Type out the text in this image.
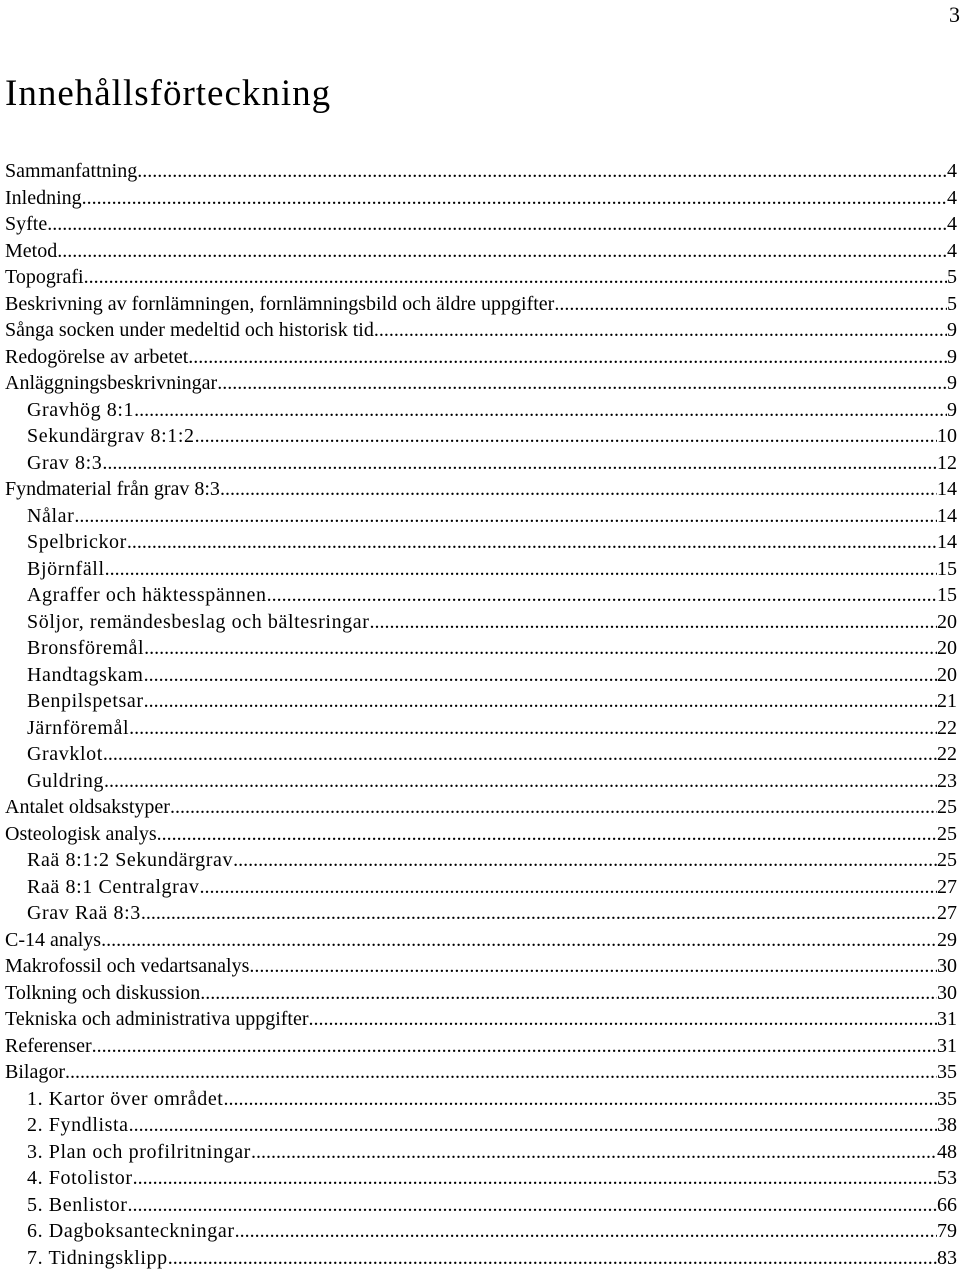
3
Innehållsförteckning
Sammanfattning .....	4
Inledning .....	4
Syfte .....	4
Metod .....	4
Topografi .....	5
Beskrivning av fornlämningen, fornlämningsbild och äldre uppgifter .....	5
Sånga socken under medeltid och historisk tid .....	9
Redogörelse av arbetet .....	9
Anläggningsbeskrivningar .....	9
Gravhög 8:1 .....	9
Sekundärgrav 8:1:2 .....	10
Grav 8:3 .....	12
Fyndmaterial från grav 8:3 .....	14
Nålar .....	14
Spelbrickor .....	14
Björnfäll .....	15
Agraffer och häktesspännen .....	15
Söljor, remändesbeslag och bältesringar .....	20
Bronsföremål .....	20
Handtagskam .....	20
Benpilspetsar .....	21
Järnföremål .....	22
Gravklot .....	22
Guldring .....	23
Antalet oldsakstyper .....	25
Osteologisk analys .....	25
Raä 8:1:2 Sekundärgrav .....	25
Raä 8:1 Centralgrav .....	27
Grav Raä 8:3 .....	27
C-14 analys .....	29
Makrofossil och vedartsanalys .....	30
Tolkning och diskussion .....	30
Tekniska och administrativa uppgifter .....	31
Referenser .....	31
Bilagor .....	35
1. Kartor över området .....	35
2. Fyndlista .....	38
3. Plan och profilritningar .....	48
4. Fotolistor .....	53
5. Benlistor .....	66
6. Dagboksanteckningar .....	79
7. Tidningsklipp .....	83
